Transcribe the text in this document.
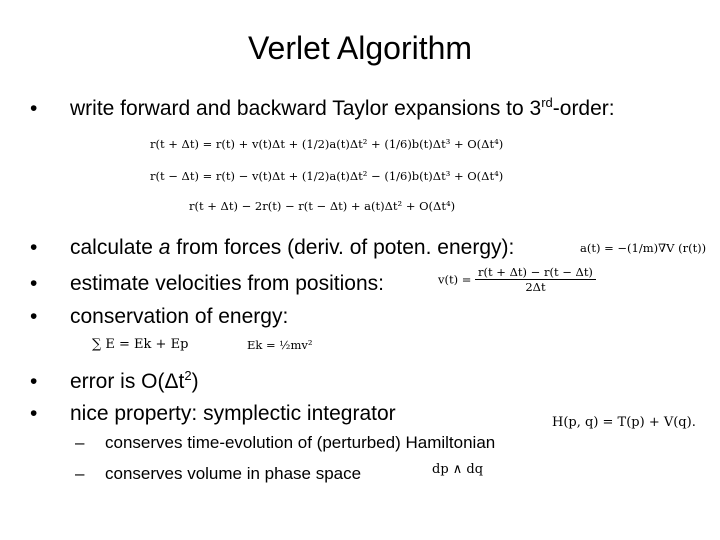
Verlet Algorithm
• write forward and backward Taylor expansions to 3rd-order:
r(t + Δt) = r(t) + v(t)Δt + (1/2)a(t)Δt² + (1/6)b(t)Δt³ + O(Δt⁴)
r(t − Δt) = r(t) − v(t)Δt + (1/2)a(t)Δt² − (1/6)b(t)Δt³ + O(Δt⁴)
r(t + Δt) − 2r(t) − r(t − Δt) + a(t)Δt² + O(Δt⁴)
• calculate a from forces (deriv. of poten. energy):	a(t) = −(1/m)∇V (r(t))
• estimate velocities from positions:	$v(t) = \frac{r(t + \Delta t) - r(t - \Delta t)}{2\Delta t}$
• conservation of energy:
∑ E = Ek + Ep	Ek = ½mv²
• error is $O(\Delta t^2)$
• nice property: symplectic integrator	H(p, q) = T(p) + V(q).
– conserves time-evolution of (perturbed) Hamiltonian
– conserves volume in phase space	dp ∧ dq
